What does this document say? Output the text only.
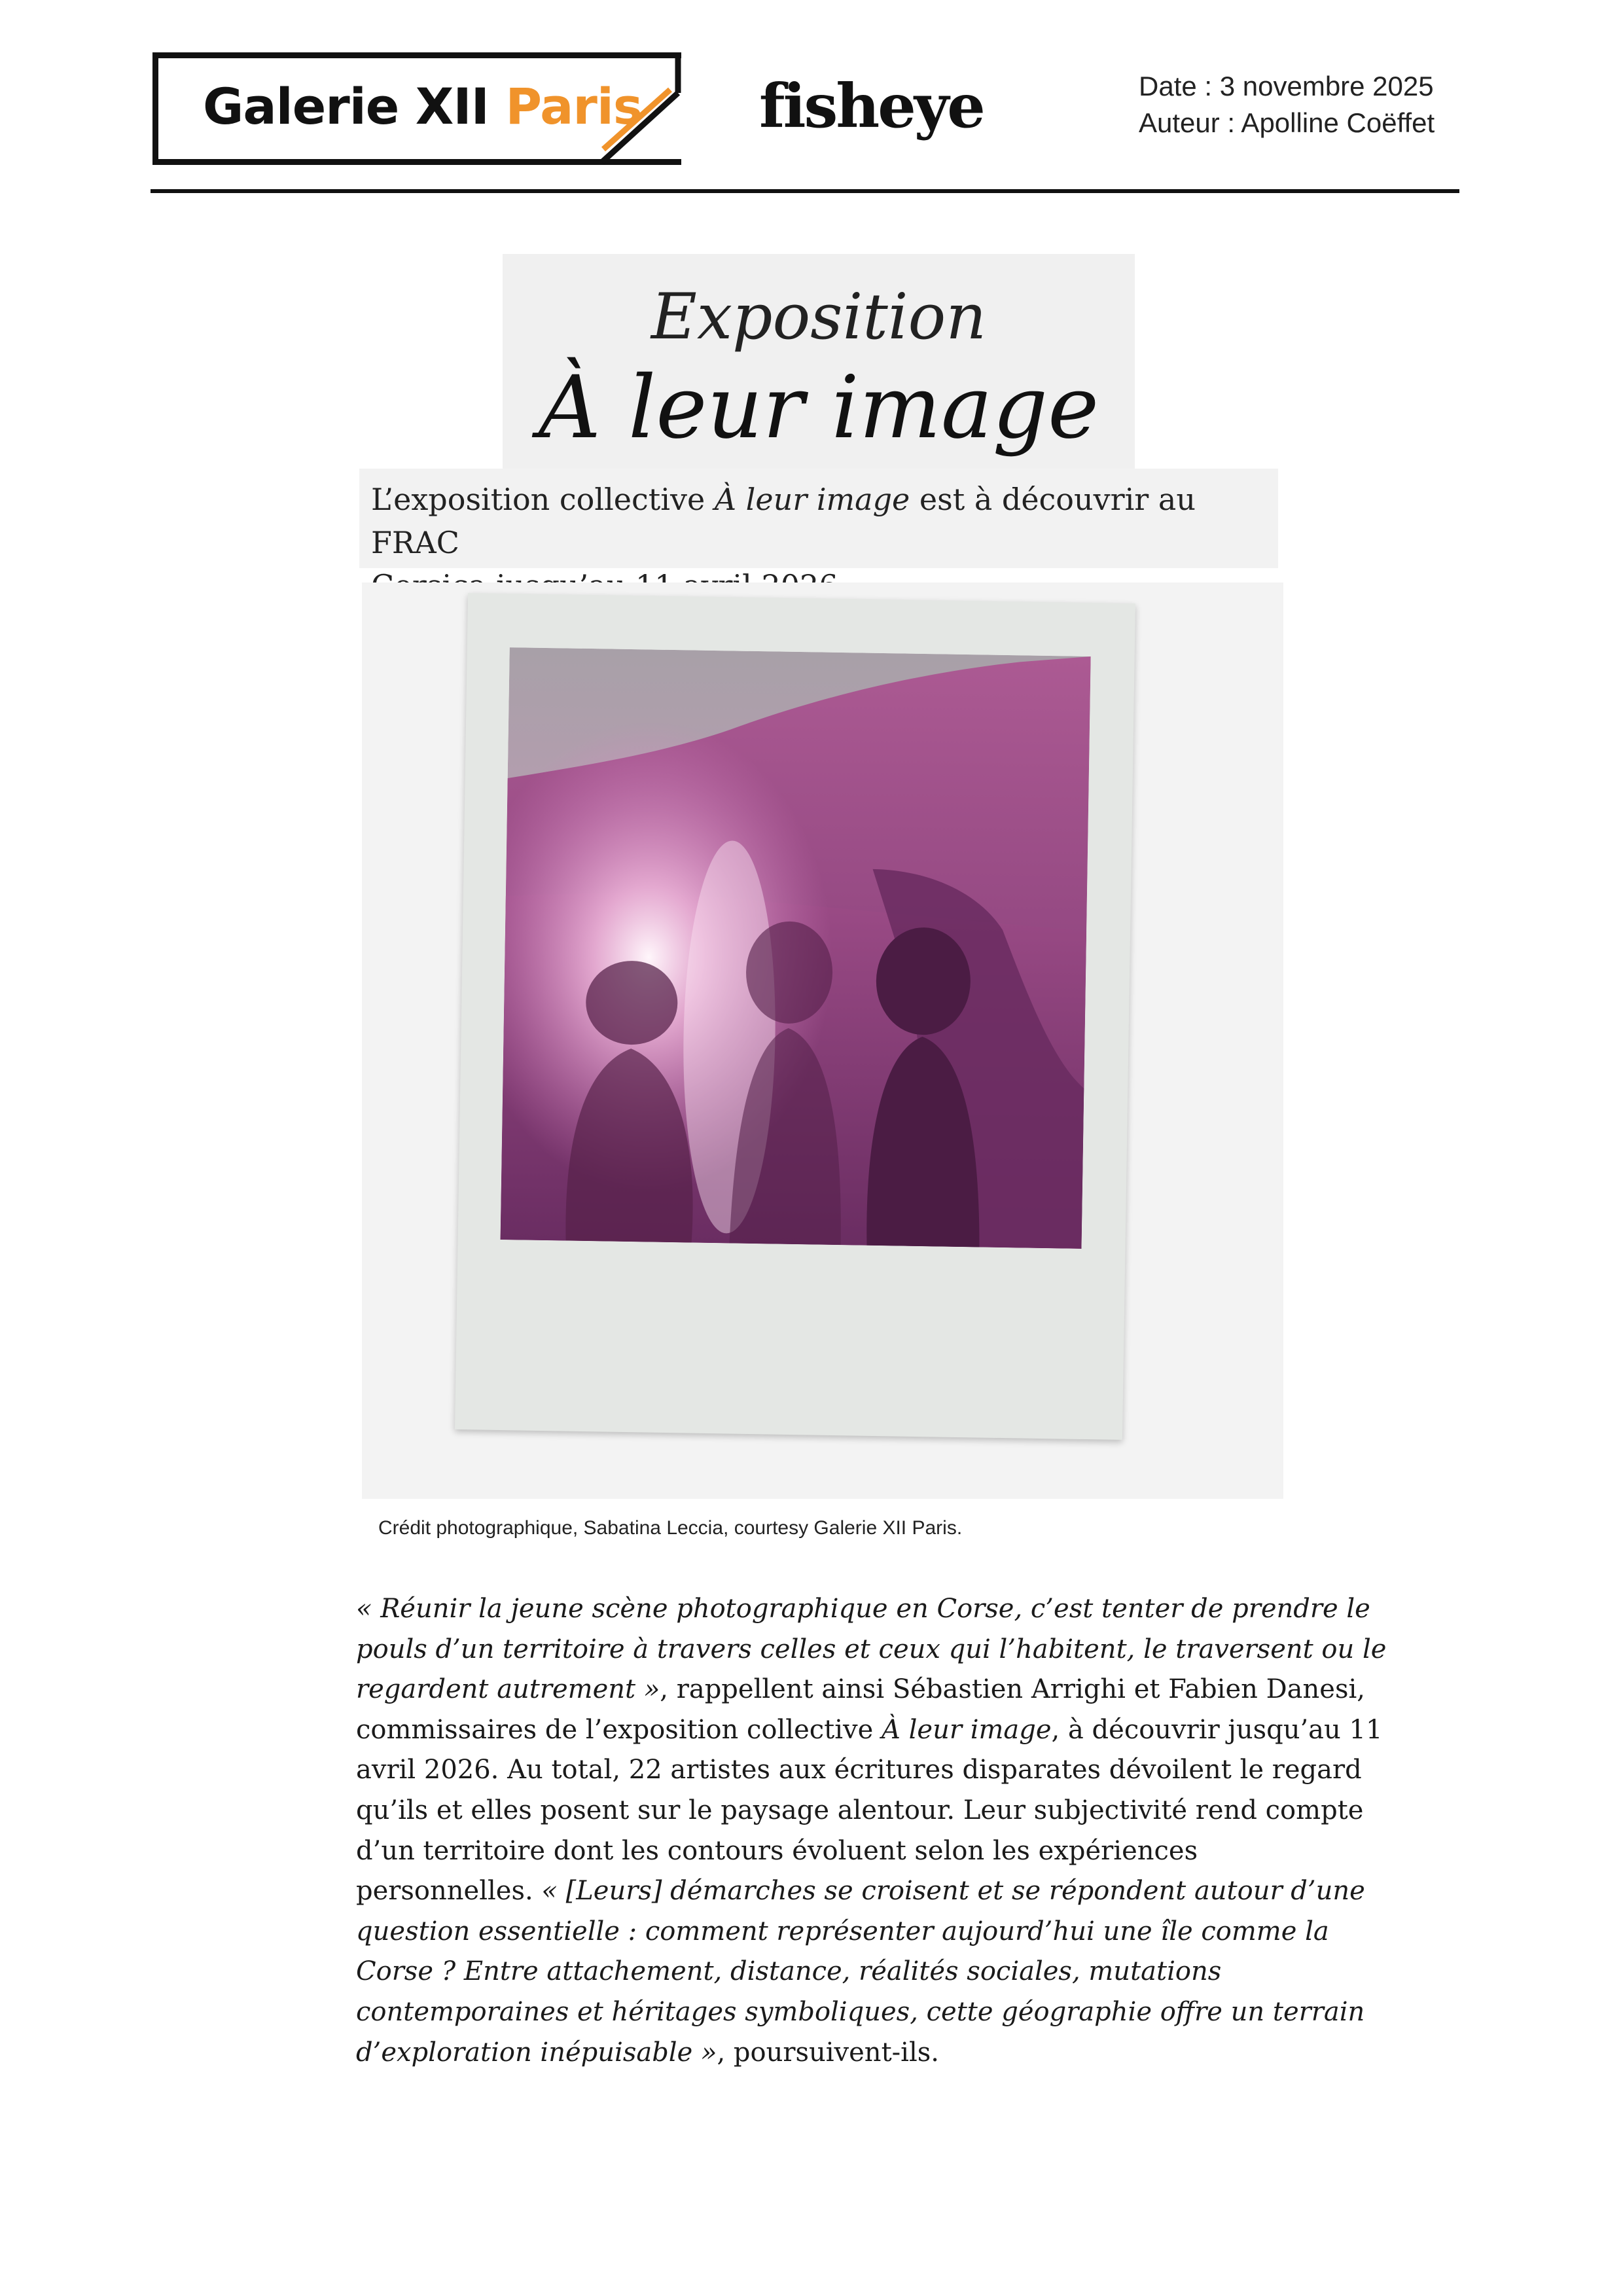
Galerie XII Paris fisheye	Date : 3 novembre 2025
Auteur : Apolline Coëffet
Exposition
À leur image
L’exposition collective À leur image est à découvrir au FRAC

Crédit photographique, Sabatina Leccia, courtesy Galerie XII Paris.
« Réunir la jeune scène photographique en Corse, c’est tenter de prendre le
pouls d’un territoire à travers celles et ceux qui l’habitent, le traversent ou le
regardent autrement », rappellent ainsi Sébastien Arrighi et Fabien Danesi,
commissaires de l’exposition collective À leur image, à découvrir jusqu’au 11
avril 2026. Au total, 22 artistes aux écritures disparates dévoilent le regard
qu’ils et elles posent sur le paysage alentour. Leur subjectivité rend compte
d’un territoire dont les contours évoluent selon les expériences
personnelles. « [Leurs] démarches se croisent et se répondent autour d’une
question essentielle : comment représenter aujourd’hui une île comme la
Corse ? Entre attachement, distance, réalités sociales, mutations
contemporaines et héritages symboliques, cette géographie offre un terrain
d’exploration inépuisable », poursuivent-ils.
